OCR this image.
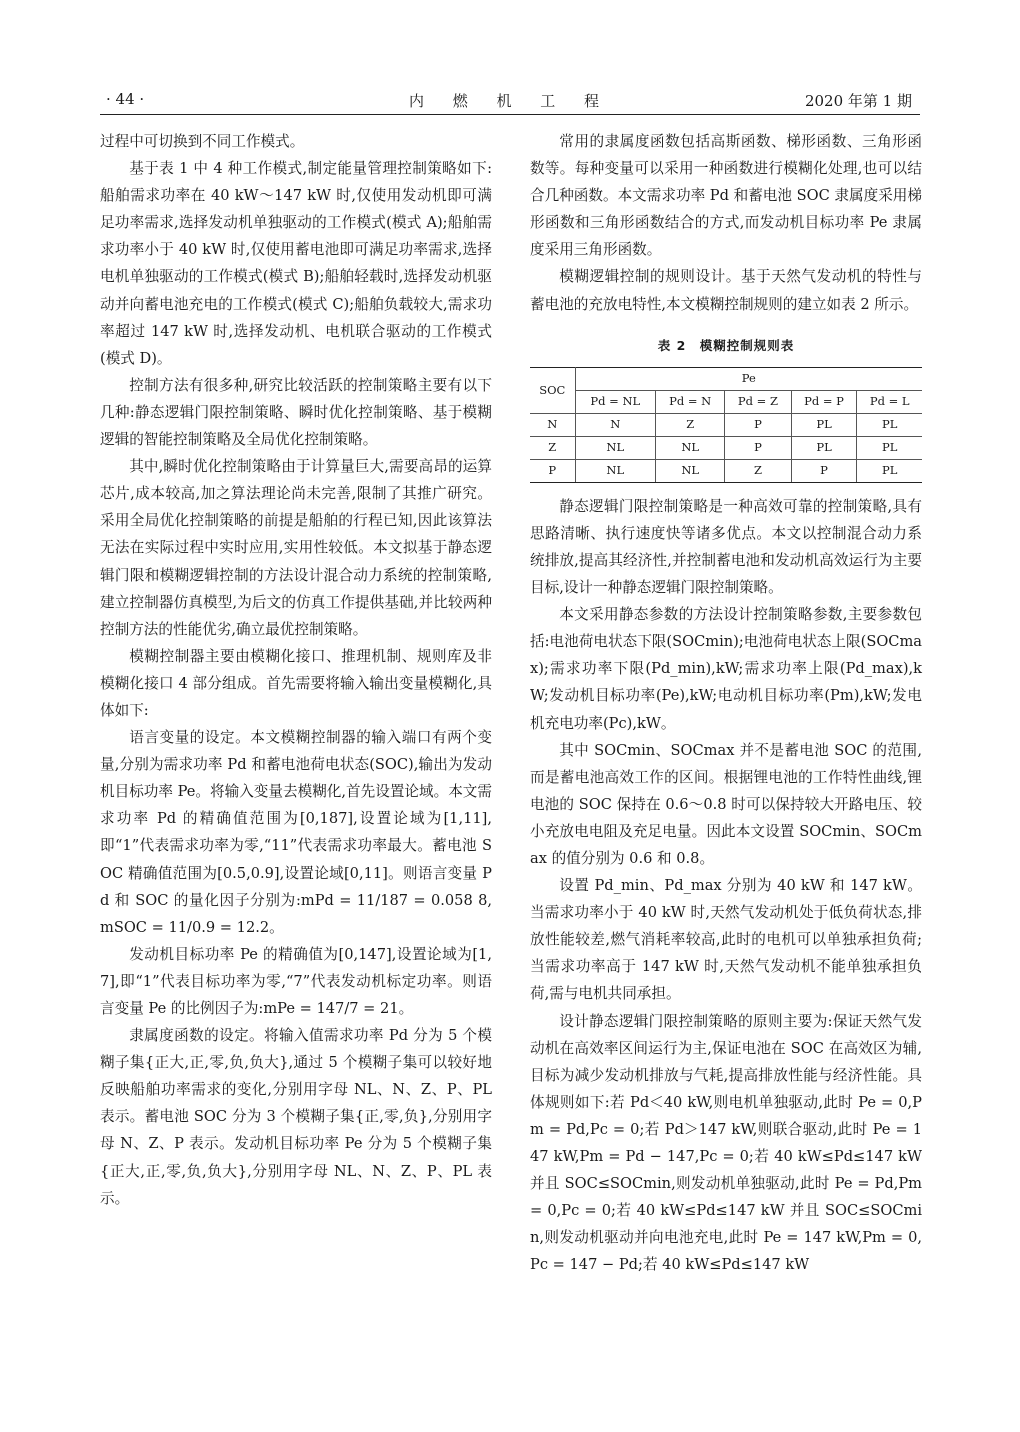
· 44 ·	内 燃 机 工 程	2020 年第 1 期

过程中可切换到不同工作模式。

基于表 1 中 4 种工作模式,制定能量管理控制策略如下:船舶需求功率在 40 kW～147 kW 时,仅使用发动机即可满足功率需求,选择发动机单独驱动的工作模式(模式 A);船舶需求功率小于 40 kW 时,仅使用蓄电池即可满足功率需求,选择电机单独驱动的工作模式(模式 B);船舶轻载时,选择发动机驱动并向蓄电池充电的工作模式(模式 C);船舶负载较大,需求功率超过 147 kW 时,选择发动机、电机联合驱动的工作模式(模式 D)。

控制方法有很多种,研究比较活跃的控制策略主要有以下几种:静态逻辑门限控制策略、瞬时优化控制策略、基于模糊逻辑的智能控制策略及全局优化控制策略。

其中,瞬时优化控制策略由于计算量巨大,需要高昂的运算芯片,成本较高,加之算法理论尚未完善,限制了其推广研究。采用全局优化控制策略的前提是船舶的行程已知,因此该算法无法在实际过程中实时应用,实用性较低。本文拟基于静态逻辑门限和模糊逻辑控制的方法设计混合动力系统的控制策略,建立控制器仿真模型,为后文的仿真工作提供基础,并比较两种控制方法的性能优劣,确立最优控制策略。

模糊控制器主要由模糊化接口、推理机制、规则库及非模糊化接口 4 部分组成。首先需要将输入输出变量模糊化,具体如下:

语言变量的设定。本文模糊控制器的输入端口有两个变量,分别为需求功率 Pd 和蓄电池荷电状态(SOC),输出为发动机目标功率 Pe。将输入变量去模糊化,首先设置论域。本文需求功率 Pd 的精确值范围为[0,187],设置论域为[1,11],即“1”代表需求功率为零,“11”代表需求功率最大。蓄电池 SOC 精确值范围为[0.5,0.9],设置论域[0,11]。则语言变量 Pd 和 SOC 的量化因子分别为:mPd = 11/187 = 0.058 8,mSOC = 11/0.9 = 12.2。

发动机目标功率 Pe 的精确值为[0,147],设置论域为[1,7],即“1”代表目标功率为零,“7”代表发动机标定功率。则语言变量 Pe 的比例因子为:mPe = 147/7 = 21。

隶属度函数的设定。将输入值需求功率 Pd 分为 5 个模糊子集{正大,正,零,负,负大},通过 5 个模糊子集可以较好地反映船舶功率需求的变化,分别用字母 NL、N、Z、P、PL 表示。蓄电池 SOC 分为 3 个模糊子集{正,零,负},分别用字母 N、Z、P 表示。发动机目标功率 Pe 分为 5 个模糊子集{正大,正,零,负,负大},分别用字母 NL、N、Z、P、PL 表示。

常用的隶属度函数包括高斯函数、梯形函数、三角形函数等。每种变量可以采用一种函数进行模糊化处理,也可以结合几种函数。本文需求功率 Pd 和蓄电池 SOC 隶属度采用梯形函数和三角形函数结合的方式,而发动机目标功率 Pe 隶属度采用三角形函数。

模糊逻辑控制的规则设计。基于天然气发动机的特性与蓄电池的充放电特性,本文模糊控制规则的建立如表 2 所示。

表 2　模糊控制规则表
SOC	Pe				
	Pd = NL	Pd = N	Pd = Z	Pd = P	Pd = L
N	N	Z	P	PL	PL
Z	NL	NL	P	PL	PL
P	NL	NL	Z	P	PL

静态逻辑门限控制策略是一种高效可靠的控制策略,具有思路清晰、执行速度快等诸多优点。本文以控制混合动力系统排放,提高其经济性,并控制蓄电池和发动机高效运行为主要目标,设计一种静态逻辑门限控制策略。

本文采用静态参数的方法设计控制策略参数,主要参数包括:电池荷电状态下限(SOCmin);电池荷电状态上限(SOCmax);需求功率下限(Pd_min),kW;需求功率上限(Pd_max),kW;发动机目标功率(Pe),kW;电动机目标功率(Pm),kW;发电机充电功率(Pc),kW。

其中 SOCmin、SOCmax 并不是蓄电池 SOC 的范围,而是蓄电池高效工作的区间。根据锂电池的工作特性曲线,锂电池的 SOC 保持在 0.6～0.8 时可以保持较大开路电压、较小充放电电阻及充足电量。因此本文设置 SOCmin、SOCmax 的值分别为 0.6 和 0.8。

设置 Pd_min、Pd_max 分别为 40 kW 和 147 kW。当需求功率小于 40 kW 时,天然气发动机处于低负荷状态,排放性能较差,燃气消耗率较高,此时的电机可以单独承担负荷;当需求功率高于 147 kW 时,天然气发动机不能单独承担负荷,需与电机共同承担。

设计静态逻辑门限控制策略的原则主要为:保证天然气发动机在高效率区间运行为主,保证电池在 SOC 在高效区为辅,目标为减少发动机排放与气耗,提高排放性能与经济性能。具体规则如下:若 Pd＜40 kW,则电机单独驱动,此时 Pe = 0,Pm = Pd,Pc = 0;若 Pd＞147 kW,则联合驱动,此时 Pe = 147 kW,Pm = Pd − 147,Pc = 0;若 40 kW≤Pd≤147 kW 并且 SOC≤SOCmin,则发动机单独驱动,此时 Pe = Pd,Pm = 0,Pc = 0;若 40 kW≤Pd≤147 kW 并且 SOC≤SOCmin,则发动机驱动并向电池充电,此时 Pe = 147 kW,Pm = 0,Pc = 147 − Pd;若 40 kW≤Pd≤147 kW
